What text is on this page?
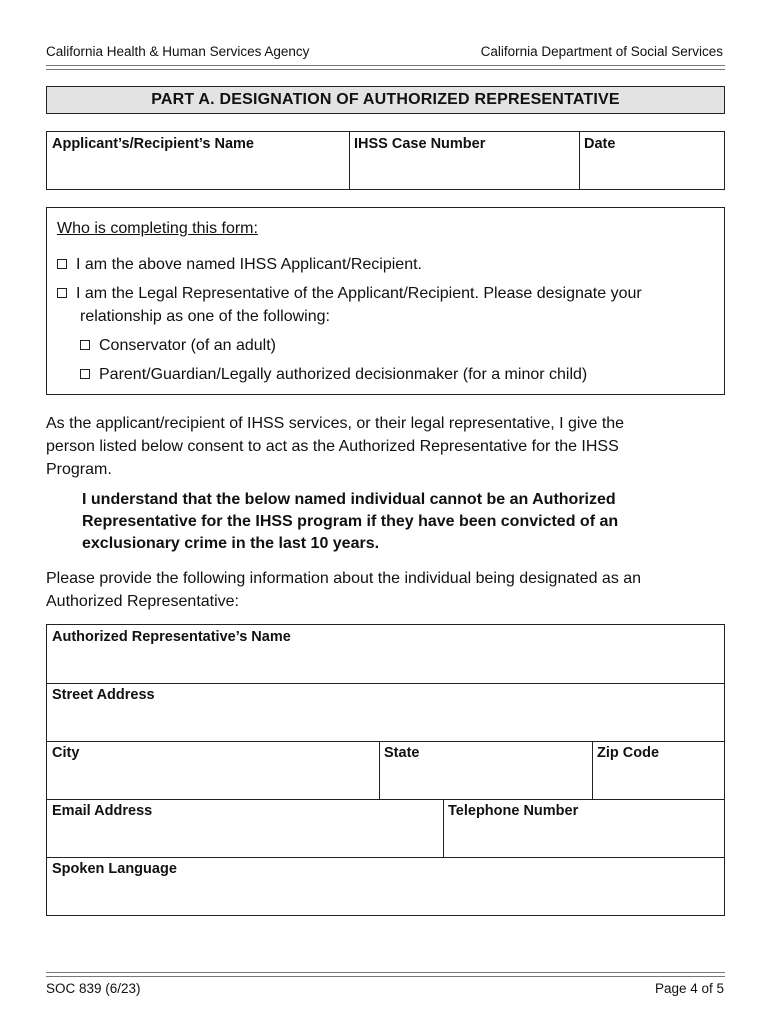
California Health & Human Services Agency	California Department of Social Services
PART A. DESIGNATION OF AUTHORIZED REPRESENTATIVE
Applicant’s/Recipient’s Name	IHSS Case Number	Date
Who is completing this form:
I am the above named IHSS Applicant/Recipient.
I am the Legal Representative of the Applicant/Recipient. Please designate your
relationship as one of the following:
Conservator (of an adult)
Parent/Guardian/Legally authorized decisionmaker (for a minor child)
As the applicant/recipient of IHSS services, or their legal representative, I give the
person listed below consent to act as the Authorized Representative for the IHSS
Program.
I understand that the below named individual cannot be an Authorized
Representative for the IHSS program if they have been convicted of an
exclusionary crime in the last 10 years.
Please provide the following information about the individual being designated as an
Authorized Representative:
Authorized Representative’s Name
Street Address
City	State	Zip Code
Email Address	Telephone Number
Spoken Language
SOC 839 (6/23)	Page 4 of 5
